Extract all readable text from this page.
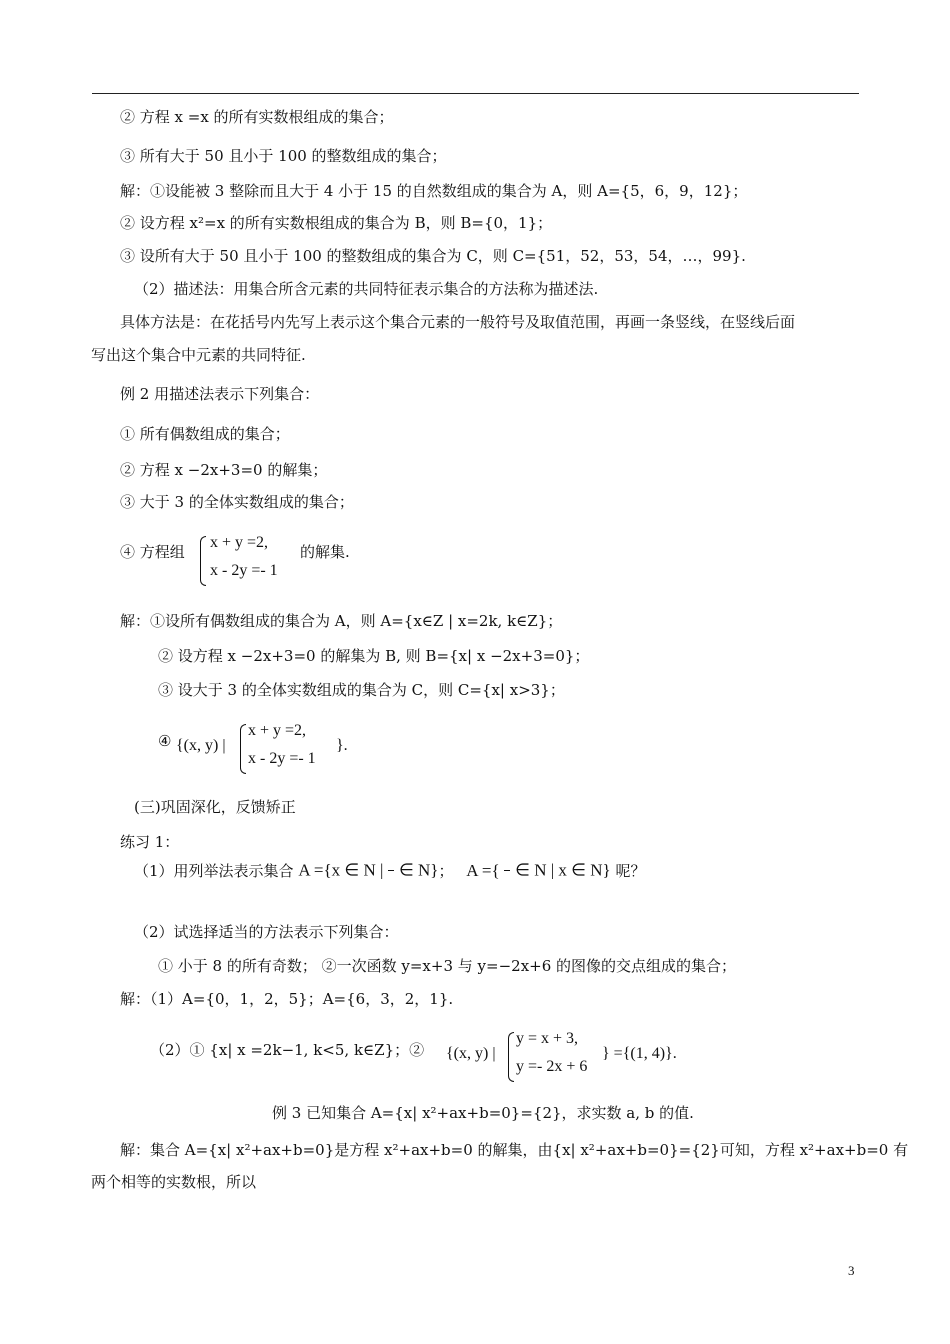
② 方程 x =x 的所有实数根组成的集合；
③ 所有大于 50 且小于 100 的整数组成的集合；
解：①设能被 3 整除而且大于 4 小于 15 的自然数组成的集合为 A，则 A={5，6，9，12}；
② 设方程 x²=x 的所有实数根组成的集合为 B，则 B={0，1}；
③ 设所有大于 50 且小于 100 的整数组成的集合为 C，则 C={51，52，53，54，…，99}.
（2）描述法：用集合所含元素的共同特征表示集合的方法称为描述法.
具体方法是：在花括号内先写上表示这个集合元素的一般符号及取值范围，再画一条竖线，在竖线后面
写出这个集合中元素的共同特征.
例 2 用描述法表示下列集合：
① 所有偶数组成的集合；
② 方程 x −2x+3=0 的解集；
③ 大于 3 的全体实数组成的集合；
④ 方程组
x + y =2,
x - 2y =- 1
的解集.
解：①设所有偶数组成的集合为 A，则 A={x∈Z | x=2k, k∈Z}；
② 设方程 x −2x+3=0 的解集为 B, 则 B={x| x −2x+3=0}；
③ 设大于 3 的全体实数组成的集合为 C，则 C={x| x>3}；
④ {(x, y) |
x + y =2,
x - 2y =- 1
}.
(三)巩固深化，反馈矫正
练习 1：
（1）用列举法表示集合 A ={x ∈ N | ∈ N}； A ={ ∈ N | x ∈ N} 呢？
（2）试选择适当的方法表示下列集合：
① 小于 8 的所有奇数； ②一次函数 y=x+3 与 y=−2x+6 的图像的交点组成的集合；
解：（1）A={0，1，2，5}；A={6，3，2，1}.
（2）① {x| x =2k−1, k<5, k∈Z}；② {(x, y) |
y = x + 3,
y =- 2x + 6
} ={(1, 4)}.
例 3 已知集合 A={x| x²+ax+b=0}={2}，求实数 a, b 的值.
解：集合 A={x| x²+ax+b=0}是方程 x²+ax+b=0 的解集，由{x| x²+ax+b=0}={2}可知，方程 x²+ax+b=0 有
两个相等的实数根，所以
3
